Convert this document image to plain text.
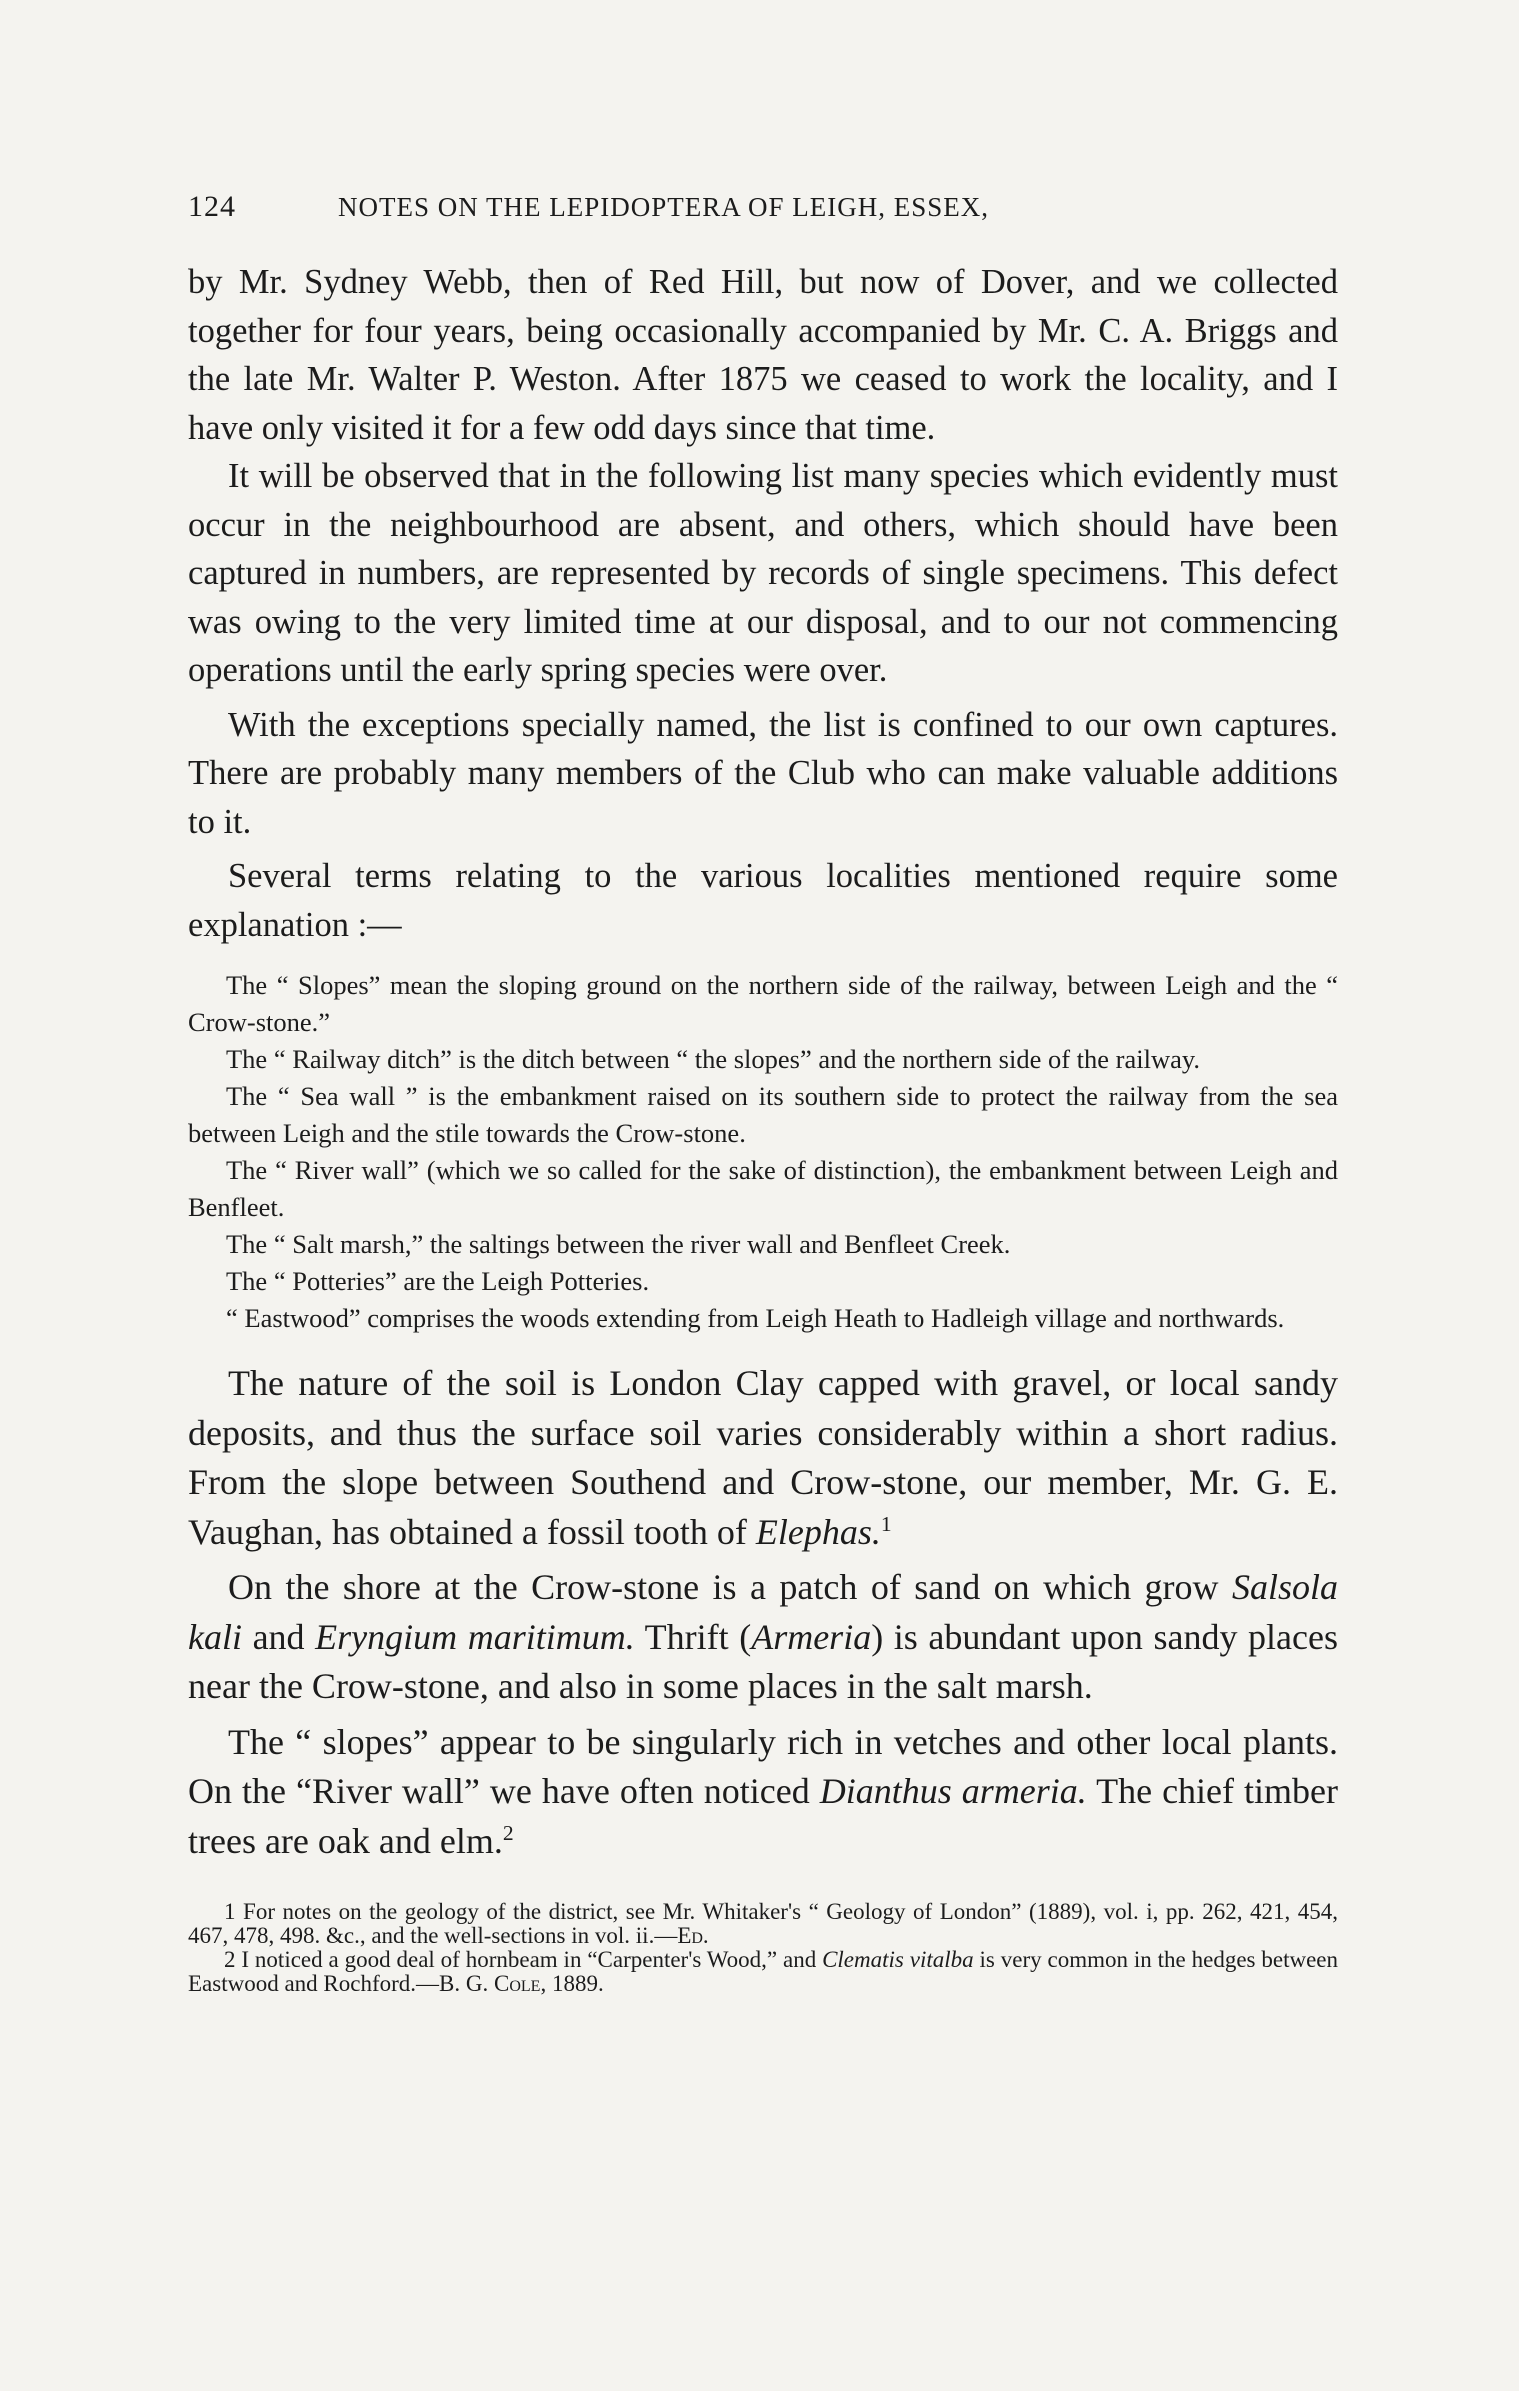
124	NOTES ON THE LEPIDOPTERA OF LEIGH, ESSEX,

by Mr. Sydney Webb, then of Red Hill, but now of Dover, and we collected together for four years, being occasionally accompanied by Mr. C. A. Briggs and the late Mr. Walter P. Weston. After 1875 we ceased to work the locality, and I have only visited it for a few odd days since that time.

It will be observed that in the following list many species which evidently must occur in the neighbourhood are absent, and others, which should have been captured in numbers, are represented by records of single specimens. This defect was owing to the very limited time at our disposal, and to our not commencing operations until the early spring species were over.

With the exceptions specially named, the list is confined to our own captures. There are probably many members of the Club who can make valuable additions to it.

Several terms relating to the various localities mentioned require some explanation :—

The “ Slopes” mean the sloping ground on the northern side of the railway, between Leigh and the “ Crow-stone.”

The “ Railway ditch” is the ditch between “ the slopes” and the northern side of the railway.

The “ Sea wall ” is the embankment raised on its southern side to protect the railway from the sea between Leigh and the stile towards the Crow-stone.

The “ River wall” (which we so called for the sake of distinction), the embankment between Leigh and Benfleet.

The “ Salt marsh,” the saltings between the river wall and Benfleet Creek.

The “ Potteries” are the Leigh Potteries.

“ Eastwood” comprises the woods extending from Leigh Heath to Hadleigh village and northwards.

The nature of the soil is London Clay capped with gravel, or local sandy deposits, and thus the surface soil varies considerably within a short radius. From the slope between Southend and Crow-stone, our member, Mr. G. E. Vaughan, has obtained a fossil tooth of Elephas.$^1$

On the shore at the Crow-stone is a patch of sand on which grow Salsola kali and Eryngium maritimum. Thrift (Armeria) is abundant upon sandy places near the Crow-stone, and also in some places in the salt marsh.

The “ slopes” appear to be singularly rich in vetches and other local plants. On the “River wall” we have often noticed Dianthus armeria. The chief timber trees are oak and elm.$^2$

1 For notes on the geology of the district, see Mr. Whitaker's “ Geology of London” (1889), vol. i, pp. 262, 421, 454, 467, 478, 498. &c., and the well-sections in vol. ii.—Ed.

2 I noticed a good deal of hornbeam in “Carpenter's Wood,” and Clematis vitalba is very common in the hedges between Eastwood and Rochford.—B. G. Cole, 1889.
